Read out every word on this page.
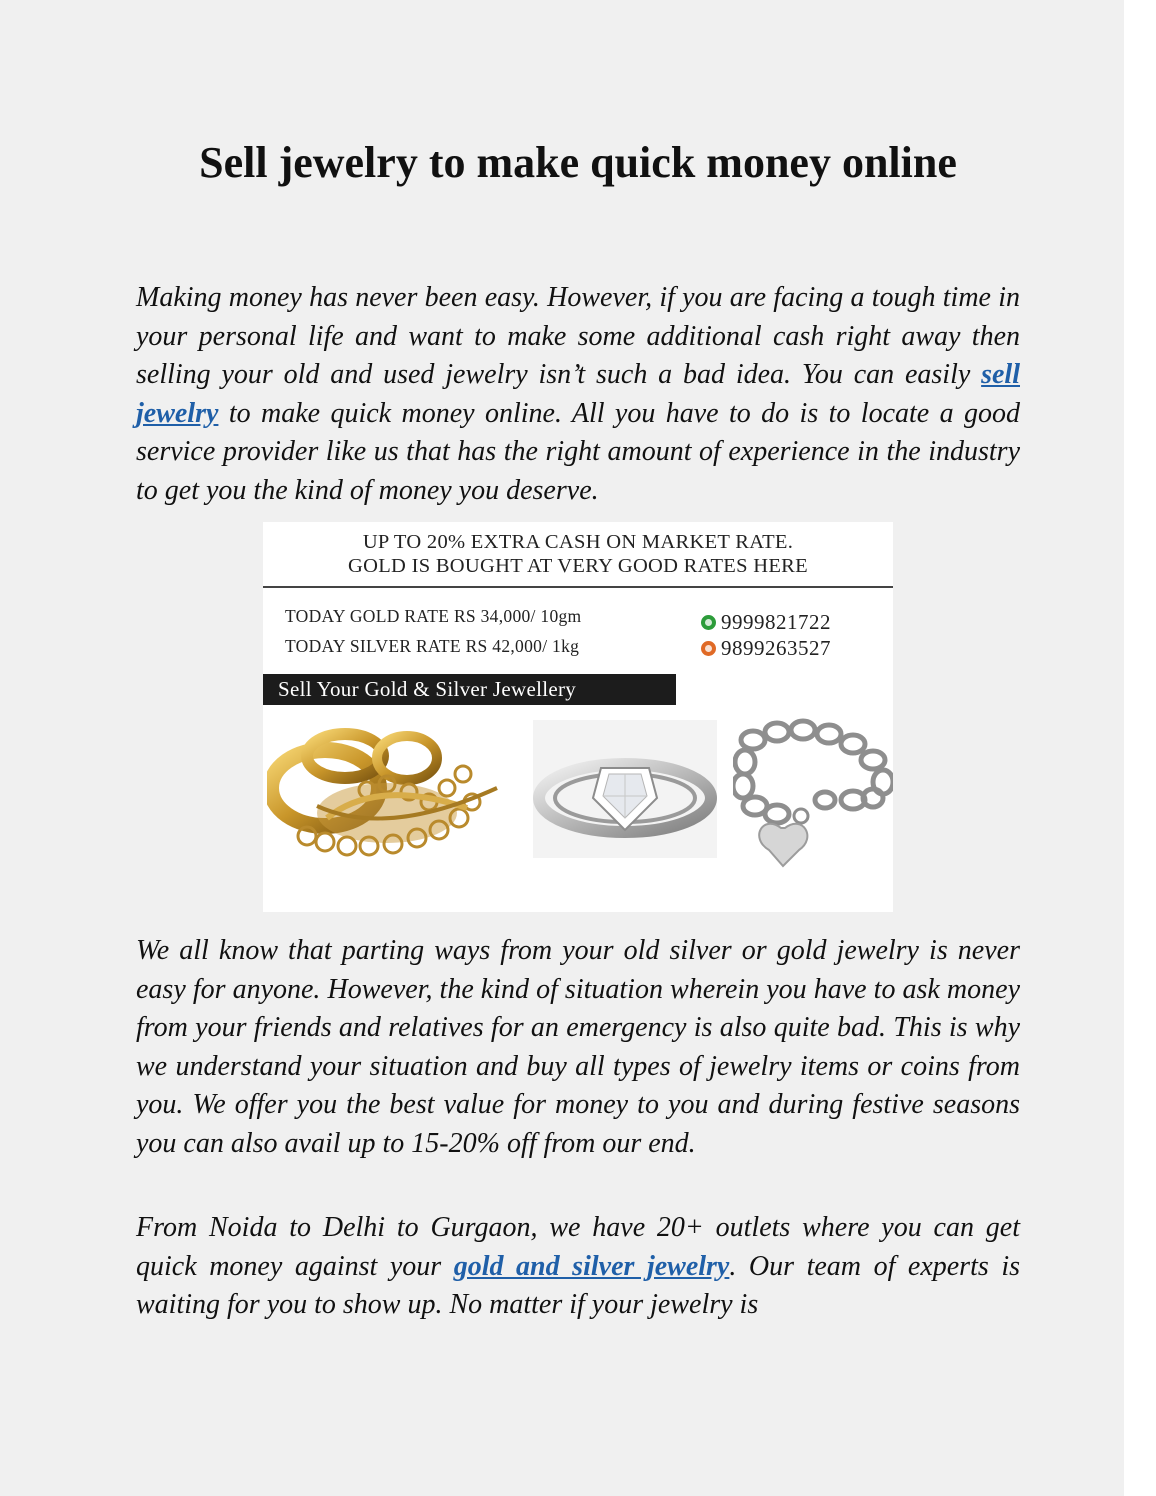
Sell jewelry to make quick money online

Making money has never been easy. However, if you are facing a tough time in your personal life and want to make some additional cash right away then selling your old and used jewelry isn’t such a bad idea. You can easily sell jewelry to make quick money online. All you have to do is to locate a good service provider like us that has the right amount of experience in the industry to get you the kind of money you deserve.

UP TO 20% EXTRA CASH ON MARKET RATE.
GOLD IS BOUGHT AT VERY GOOD RATES HERE
TODAY GOLD RATE RS 34,000/ 10gm
TODAY SILVER RATE RS 42,000/ 1kg
9999821722
9899263527
Sell Your Gold & Silver Jewellery

We all know that parting ways from your old silver or gold jewelry is never easy for anyone. However, the kind of situation wherein you have to ask money from your friends and relatives for an emergency is also quite bad. This is why we understand your situation and buy all types of jewelry items or coins from you. We offer you the best value for money to you and during festive seasons you can also avail up to 15-20% off from our end.

From Noida to Delhi to Gurgaon, we have 20+ outlets where you can get quick money against your gold and silver jewelry. Our team of experts is waiting for you to show up. No matter if your jewelry is
